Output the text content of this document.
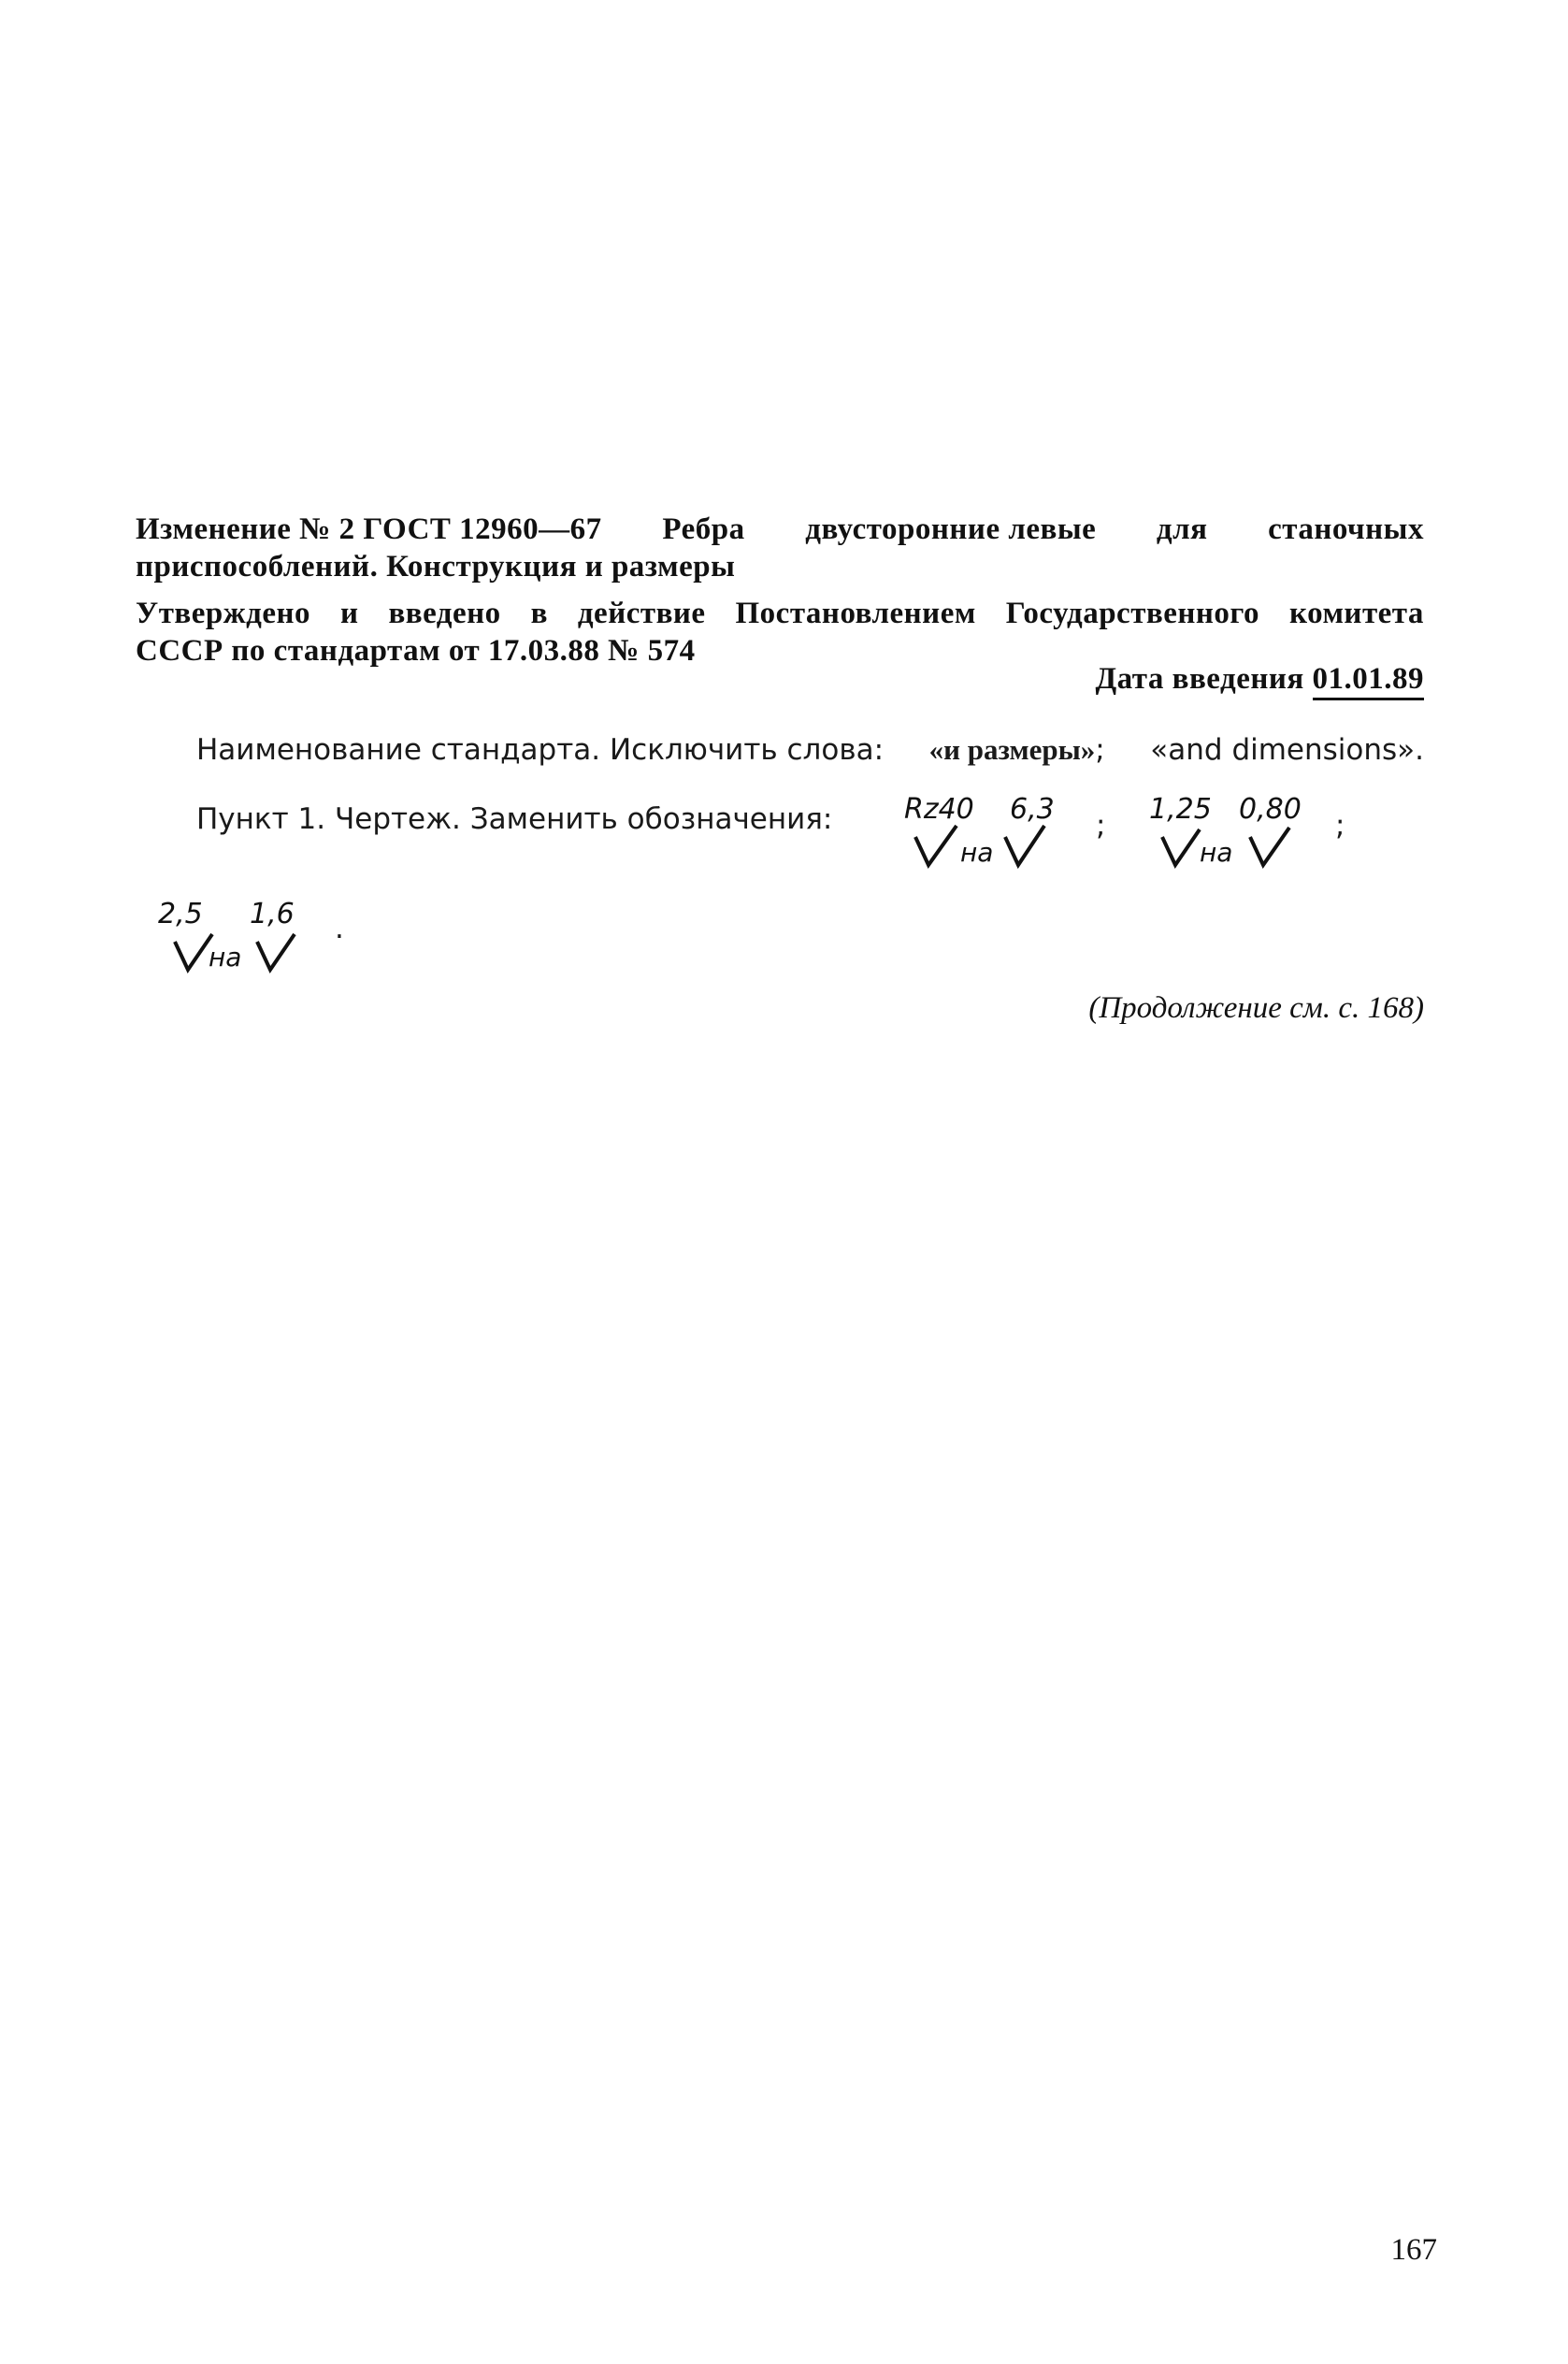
Изменение № 2 ГОСТ 12960—67 Ребра двусторонние левые для станочных
приспособлений. Конструкция и размеры
Утверждено и введено в действие Постановлением Государственного комитета
СССР по стандартам от 17.03.88 № 574
Дата введения 01.01.89
Наименование стандарта. Исключить слова: «и размеры»; «and dimensions».
Пункт 1. Чертеж. Заменить обозначения:	Rz40
на
6,3 ; 1,25
на
0,80 ;
2,5
на
1,6 .
(Продолжение см. с. 168)
167
